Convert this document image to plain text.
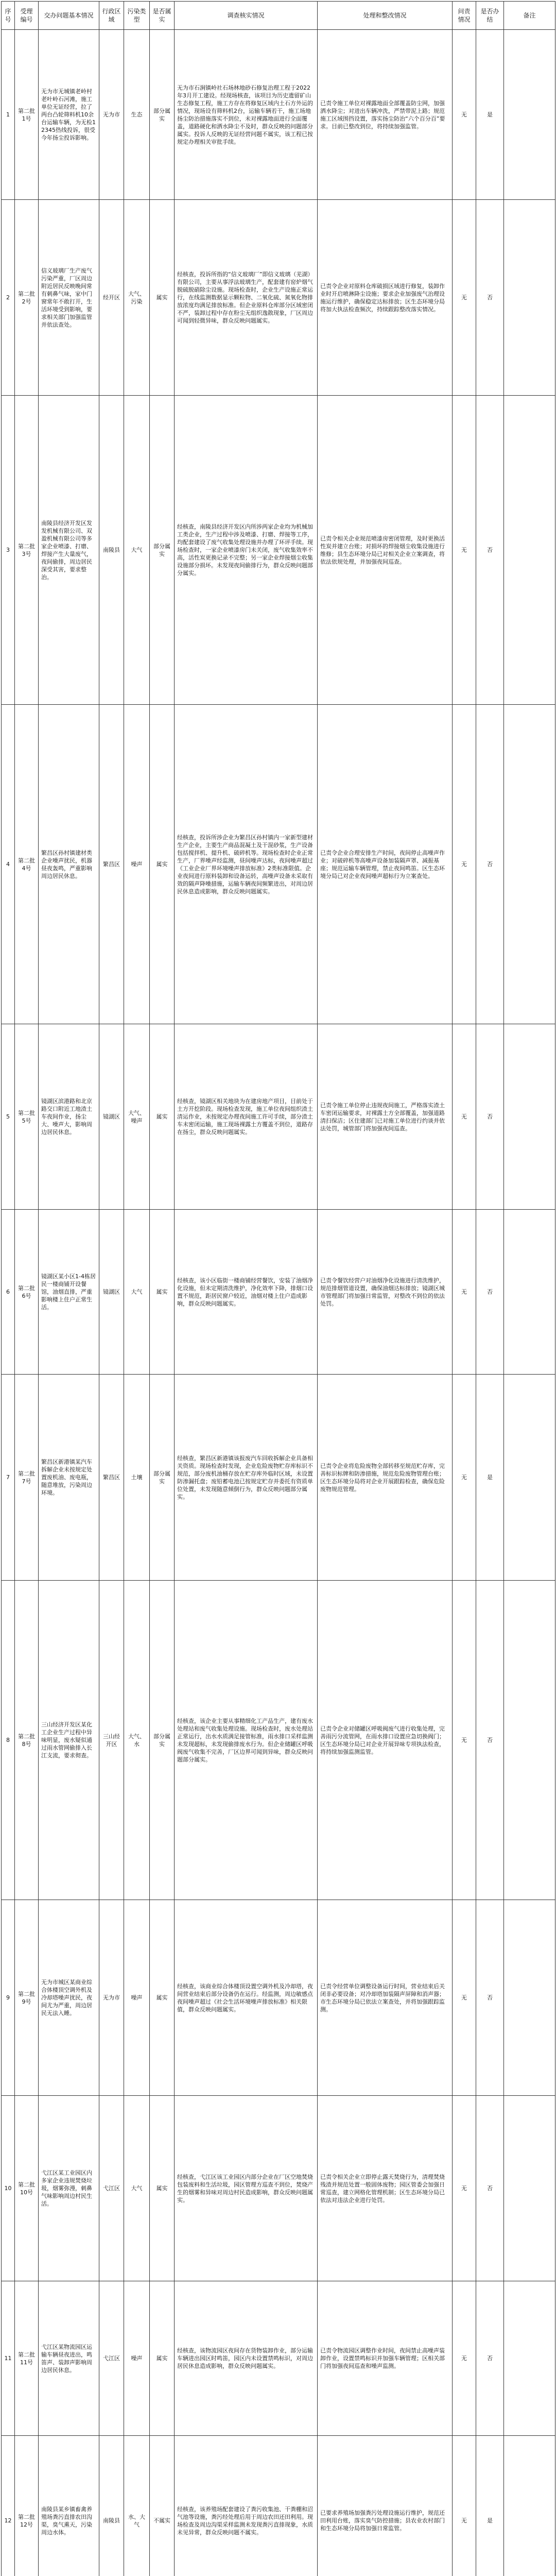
序号	受理编号	交办问题基本情况	行政区域	污染类型	是否属实	调查核实情况	处理和整改情况	问责情况	是否办结	备注
1	第二批1号	无为市无城镇老岭村老叶岭石河滩，施工单位无证经营，拉了两台凸轮筛料机10余台运输车辆，为无检12345热线投诉，很受今年扬尘投诉影响。	无为市	生态	部分属实	无为市石涧镇岭社石场林地砂石修复治理工程于2022年3月开工建设。经现场核查，该项目为历史遗留矿山生态修复工程，施工方存在将修复区域内土石方外运的情况，现场设有筛料机2台，运输车辆若干，施工场地扬尘防治措施落实不到位，未对裸露地面进行全面覆盖，道路硬化和洒水降尘不及时，群众反映的问题部分属实。投诉人反映的无证经营问题不属实，该工程已按规定办理相关审批手续。	已责令施工单位对裸露地面全部覆盖防尘网，加强洒水降尘；对进出车辆冲洗，严禁带泥上路；规范施工区域围挡设置，落实扬尘防治“六个百分百”要求。目前已整改到位，将持续加强监管。	无	是	
2	第二批2号	信义玻璃厂生产废气污染严重，厂区周边附近居民反映晚间常有刺鼻气味，家中门窗常年不敢打开，生活环境受到影响，要求相关部门加强监管并依法查处。	经开区	大气、污染	属实	经核查，投诉所指的“信义玻璃厂”即信义玻璃（芜湖）有限公司，主要从事浮法玻璃生产，配套建有窑炉烟气脱硫脱硝除尘设施。现场检查时，企业生产设施正常运行，在线监测数据显示颗粒物、二氧化硫、氮氧化物排放浓度均满足排放标准。但企业原料仓库部分区域密闭不严，装卸过程中存在粉尘无组织逸散现象，厂区周边可闻到轻微异味，群众反映问题属实。	已责令企业对原料仓库破损区域进行修复，装卸作业时开启喷淋降尘设施；要求企业加强废气治理设施运行维护，确保稳定达标排放；区生态环境分局将加大执法检查频次，持续跟踪整改落实情况。	无	否	
3	第二批3号	南陵县经济开发区发发机械有限公司、双盈机械有限公司等多家企业喷漆、打磨、焊接产生大量废气，夜间偷排，周边居民深受其害，要求整治。	南陵县	大气	部分属实	经核查，南陵县经济开发区内所涉两家企业均为机械加工类企业，生产过程中涉及喷漆、打磨、焊接等工序，均配套建设了废气收集处理设施并办理了环评手续。现场检查时，一家企业喷漆房门未关闭，废气收集效率不高，活性炭更换记录不完整；另一家企业焊接烟尘收集设施部分损坏。未发现夜间偷排行为，群众反映问题部分属实。	已责令相关企业规范喷漆房密闭管理，及时更换活性炭并建立台账；对损坏的焊接烟尘收集设施进行维修；县生态环境分局已对相关企业立案调查，将依法依规处理，并加强夜间巡查。	无	否	
4	第二批4号	繁昌区孙村镇建材类企业噪声扰民，机器昼夜轰鸣，严重影响周边居民休息。	繁昌区	噪声	属实	经核查，投诉所涉企业为繁昌区孙村镇内一家新型建材生产企业，主要生产商品混凝土及干混砂浆，生产设备包括搅拌机、提升机、破碎机等。现场检查时企业正常生产，厂界噪声经监测，昼间噪声达标，夜间噪声超过《工业企业厂界环境噪声排放标准》2类标准限值。企业夜间进行原料装卸和设备运转，高噪声设备未采取有效的隔声降噪措施，运输车辆夜间频繁进出，对周边居民休息造成影响，群众反映问题属实。	已责令企业合理安排生产时间，夜间停止高噪声作业；对破碎机等高噪声设备加装隔声罩、减振基座；规范运输车辆管理，禁止夜间鸣笛。区生态环境分局已对企业夜间噪声超标行为立案查处。	无	否	
5	第二批5号	镜湖区滨港路和北京路交口附近工地渣土车夜间作业，扬尘大、噪声大，影响周边居民休息。	镜湖区	大气、噪声	属实	经核查，镜湖区相关地块为在建房地产项目，目前处于土方开挖阶段。现场检查发现，施工单位夜间组织渣土清运作业，未按规定办理夜间施工许可手续，部分渣土车未密闭运输，施工现场裸露土方覆盖不到位，道路存在扬尘，群众反映问题属实。	已责令施工单位停止违规夜间施工，严格落实渣土车密闭运输要求，对裸露土方全部覆盖，加强道路清扫保洁；区住建部门已对施工单位进行约谈并依法处罚，城管部门将加强夜间巡查。	无	否	
6	第二批6号	镜湖区某小区1-4栋居民一楼商铺开设餐馆，油烟直排，严重影响楼上住户正常生活。	镜湖区	大气	属实	经核查，该小区临街一楼商铺经营餐饮，安装了油烟净化设施，但未定期清洗维护，净化效率下降，排烟口设置不规范，距居民窗户较近，油烟对楼上住户造成影响，群众反映问题属实。	已责令餐饮经营户对油烟净化设施进行清洗维护，规范排烟管道设置，确保油烟达标排放；镜湖区城市管理部门将加强日常监管，对整改不到位的依法处罚。	无	否	
7	第二批7号	繁昌区新港镇某汽车拆解企业未按规定处置废机油、废电瓶，随意堆放，污染周边环境。	繁昌区	土壤	部分属实	经核查，繁昌区新港镇该报废汽车回收拆解企业具备相关资质。现场检查时发现，企业危险废物贮存库标识不规范，部分废机油桶存放在贮存库外临时区域，未设置防渗漏托盘；废铅蓄电池已按规定贮存并委托有资质单位处置，未发现随意倾倒行为，群众反映问题部分属实。	已责令企业将危险废物全部转移至规范贮存库，完善标识标牌和防渗措施，规范危险废物管理台账；区生态环境分局将对企业开展跟踪检查，确保危险废物规范管理。	无	是	
8	第二批8号	三山经济开发区某化工企业生产过程中异味明显，废水疑似通过雨水管网偷排入长江支流，要求彻查。	三山经开区	大气、水	部分属实	经核查，该企业主要从事精细化工产品生产，建有废水处理站和废气收集处理设施。现场检查时，废水处理站正常运行，出水水质满足接管标准，雨水排口采样监测未发现超标，未发现偷排废水行为。但企业储罐区呼吸阀废气收集不完善，厂区边界可闻到异味，群众反映问题部分属实。	已责令企业对储罐区呼吸阀废气进行收集处理，完善雨污分流管网，在雨水排口设置应急切换阀门；区生态环境分局已对企业开展异味专项执法检查，将持续加强监测监管。	无	否	
9	第二批9号	无为市城区某商业综合体楼顶空调外机及冷却塔噪声扰民，夜间尤为严重，周边居民无法入睡。	无为市	噪声	属实	经核查，该商业综合体楼顶设置空调外机及冷却塔，夜间营业结束后部分设备仍在运行。经监测，周边敏感点夜间噪声超过《社会生活环境噪声排放标准》相关限值，群众反映问题属实。	已责令经营单位调整设备运行时间，营业结束后关闭非必要设备；对冷却塔加装隔声屏障和消声器；市生态环境分局已依法立案查处，并将加强跟踪监测。	无	否	
10	第二批10号	弋江区某工业园区内多家企业违规焚烧垃圾，烟雾弥漫，刺鼻气味影响周边村民生活。	弋江区	大气	属实	经核查，弋江区该工业园区内部分企业在厂区空地焚烧包装废料和生活垃圾，园区管理方巡查不到位，焚烧产生的烟雾和异味对周边村民造成影响，群众反映问题属实。	已责令相关企业立即停止露天焚烧行为，清理焚烧残渣并规范处置一般固体废物；园区管委会加强日常巡查，建立网格化管理机制；区生态环境分局已依法对违法企业进行处罚。	无	否	
11	第二批11号	弋江区某物流园区运输车辆昼夜进出，鸣笛声、装卸声影响周边居民休息。	弋江区	噪声	属实	经核查，该物流园区夜间存在货物装卸作业，部分运输车辆进出园区时鸣笛，园区内未设置禁鸣标识，对周边居民休息造成影响，群众反映问题属实。	已责令物流园区调整作业时间，夜间禁止高噪声装卸作业，设置禁鸣标识并加强车辆管理；区相关部门将加强夜间巡查和噪声监测。	无	否	
12	第二批12号	南陵县某乡镇畜禽养殖场粪污直排农田沟渠，臭气熏天，污染周边水体。	南陵县	水、大气	不属实	经核查，该养殖场配套建设了粪污收集池、干粪棚和沼气池等设施，粪污经处理后用于周边农田还田利用。现场检查及周边沟渠采样监测未发现粪污直排现象，水质未见异常，群众反映问题不属实。	已要求养殖场加强粪污处理设施运行维护，规范还田利用台账，落实臭气防控措施；县农业农村部门和生态环境分局将加强日常监管。	无	是	
